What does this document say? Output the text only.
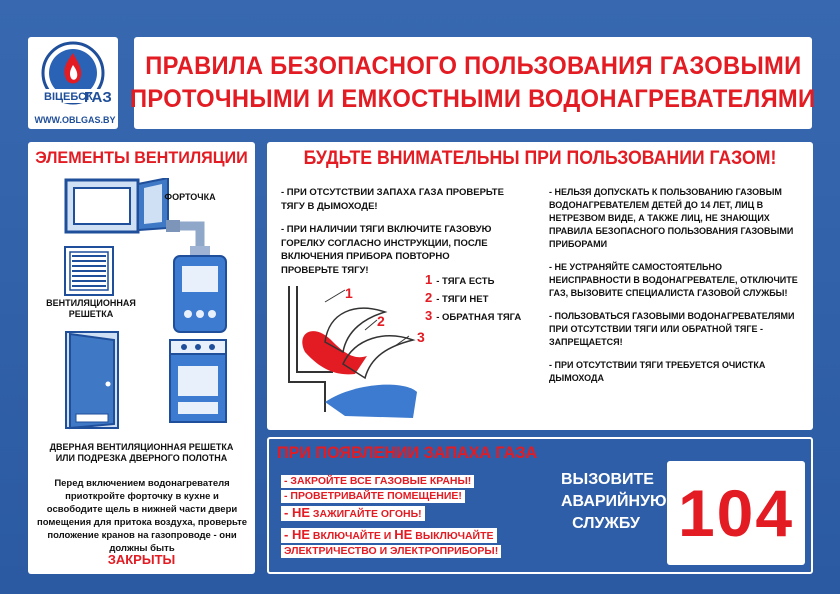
ВIЦЕБСК
ГАЗ
WWW.OBLGAS.BY
ПРАВИЛА БЕЗОПАСНОГО ПОЛЬЗОВАНИЯ ГАЗОВЫМИ
ПРОТОЧНЫМИ И ЕМКОСТНЫМИ ВОДОНАГРЕВАТЕЛЯМИ
ЭЛЕМЕНТЫ ВЕНТИЛЯЦИИ
ФОРТОЧКА
ВЕНТИЛЯЦИОННАЯ
РЕШЕТКА
ДВЕРНАЯ ВЕНТИЛЯЦИОННАЯ РЕШЕТКА
ИЛИ ПОДРЕЗКА ДВЕРНОГО ПОЛОТНА
Перед включением водонагревателя приоткройте форточку в кухне и освободите щель в нижней части двери помещения для притока воздуха, проверьте положение кранов на газопроводе - они должны быть
ЗАКРЫТЫ
БУДЬТЕ ВНИМАТЕЛЬНЫ ПРИ ПОЛЬЗОВАНИИ ГАЗОМ!

- ПРИ ОТСУТСТВИИ ЗАПАХА ГАЗА ПРОВЕРЬТЕ ТЯГУ В ДЫМОХОДЕ!

- ПРИ НАЛИЧИИ ТЯГИ ВКЛЮЧИТЕ ГАЗОВУЮ ГОРЕЛКУ СОГЛАСНО ИНСТРУКЦИИ, ПОСЛЕ ВКЛЮЧЕНИЯ ПРИБОРА ПОВТОРНО ПРОВЕРЬТЕ ТЯГУ!

1
2
3
1 - ТЯГА ЕСТЬ
2 - ТЯГИ НЕТ
3 - ОБРАТНАЯ ТЯГА

- НЕЛЬЗЯ ДОПУСКАТЬ К ПОЛЬЗОВАНИЮ ГАЗОВЫМ ВОДОНАГРЕВАТЕЛЕМ ДЕТЕЙ ДО 14 ЛЕТ, ЛИЦ В НЕТРЕЗВОМ ВИДЕ, А ТАКЖЕ ЛИЦ, НЕ ЗНАЮЩИХ ПРАВИЛА БЕЗОПАСНОГО ПОЛЬЗОВАНИЯ ГАЗОВЫМИ ПРИБОРАМИ

- НЕ УСТРАНЯЙТЕ САМОСТОЯТЕЛЬНО НЕИСПРАВНОСТИ В ВОДОНАГРЕВАТЕЛЕ, ОТКЛЮЧИТЕ ГАЗ, ВЫЗОВИТЕ СПЕЦИАЛИСТА ГАЗОВОЙ СЛУЖБЫ!

- ПОЛЬЗОВАТЬСЯ ГАЗОВЫМИ ВОДОНАГРЕВАТЕЛЯМИ ПРИ ОТСУТСТВИИ ТЯГИ ИЛИ ОБРАТНОЙ ТЯГЕ - ЗАПРЕЩАЕТСЯ!

- ПРИ ОТСУТСТВИИ ТЯГИ ТРЕБУЕТСЯ ОЧИСТКА ДЫМОХОДА

ПРИ ПОЯВЛЕНИИ ЗАПАХА ГАЗА
- ЗАКРОЙТЕ ВСЕ ГАЗОВЫЕ КРАНЫ!
- ПРОВЕТРИВАЙТЕ ПОМЕЩЕНИЕ!
- НЕ ЗАЖИГАЙТЕ ОГОНЬ!
- НЕ ВКЛЮЧАЙТЕ И НЕ ВЫКЛЮЧАЙТЕ
ЭЛЕКТРИЧЕСТВО И ЭЛЕКТРОПРИБОРЫ!
ВЫЗОВИТЕ
АВАРИЙНУЮ
СЛУЖБУ 104
